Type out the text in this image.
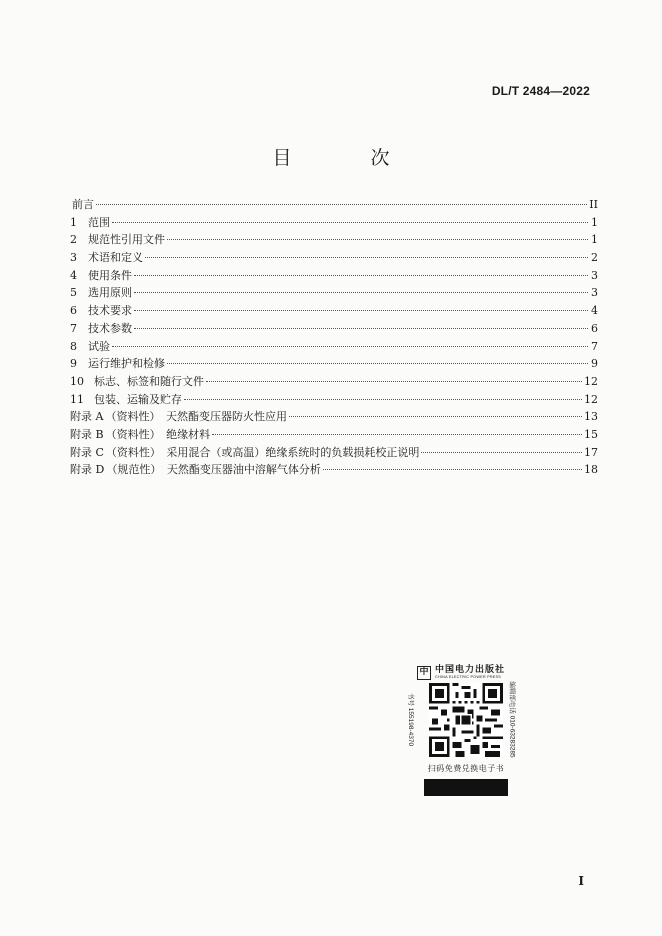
DL/T 2484—2022
目　次
前言	II
1	范围	1
2	规范性引用文件	1
3	术语和定义	2
4	使用条件	3
5	选用原则	3
6	技术要求	4
7	技术参数	6
8	试验	7
9	运行维护和检修	9
10 标志、标签和随行文件	12
11 包装、运输及贮存	12
附录 A （资料性）　天然酯变压器防火性应用	13
附录 B （资料性）　绝缘材料	15
附录 C （资料性）　采用混合（或高温）绝缘系统时的负载损耗校正说明	17
附录 D （规范性）　天然酯变压器油中溶解气体分析	18
中 中国电力出版社
CHINA ELECTRIC POWER PRESS
书号 155198·4370	编辑部电话 010-63283285
扫码免费兑换电子书
I
